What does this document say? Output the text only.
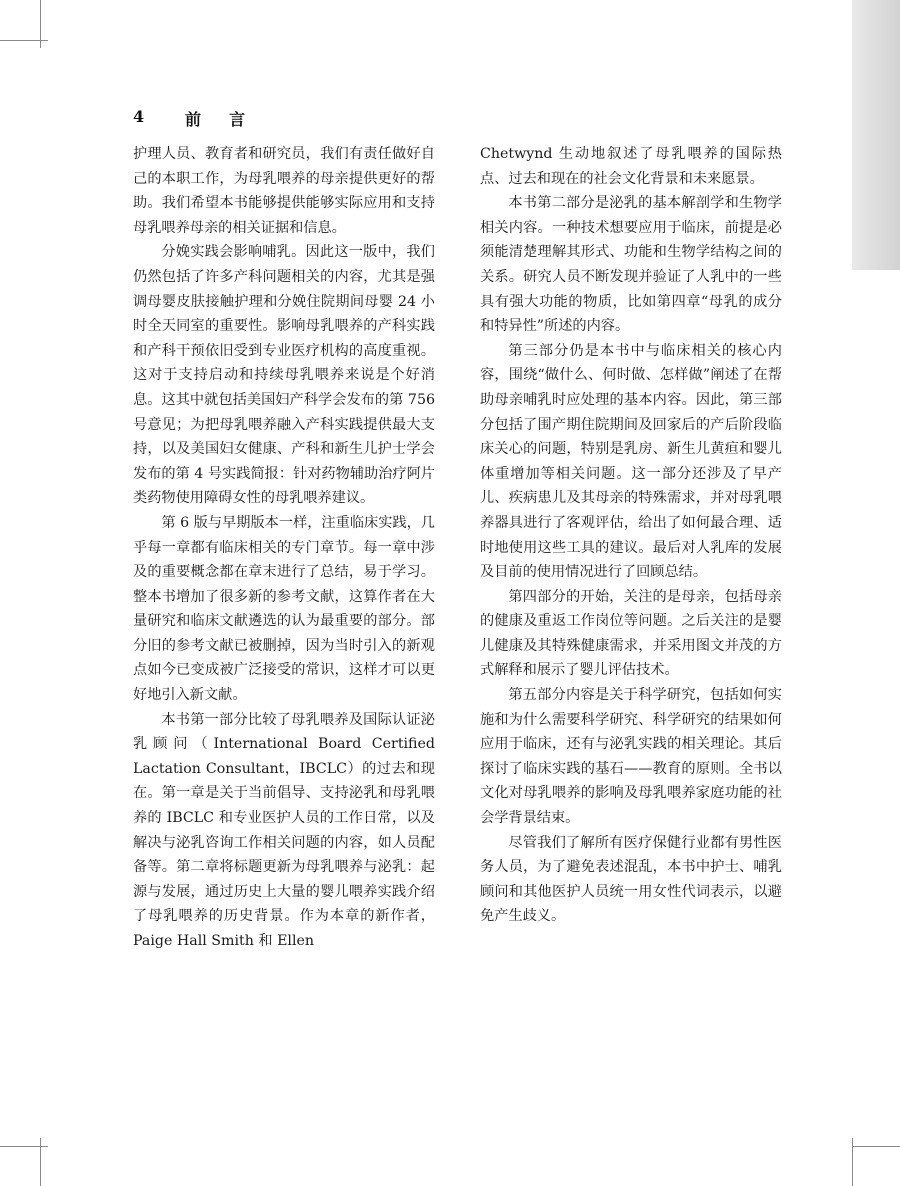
4	前言

护理人员、教育者和研究员，我们有责任做好自己的本职工作，为母乳喂养的母亲提供更好的帮助。我们希望本书能够提供能够实际应用和支持母乳喂养母亲的相关证据和信息。

分娩实践会影响哺乳。因此这一版中，我们仍然包括了许多产科问题相关的内容，尤其是强调母婴皮肤接触护理和分娩住院期间母婴 24 小时全天同室的重要性。影响母乳喂养的产科实践和产科干预依旧受到专业医疗机构的高度重视。这对于支持启动和持续母乳喂养来说是个好消息。这其中就包括美国妇产科学会发布的第 756 号意见；为把母乳喂养融入产科实践提供最大支持，以及美国妇女健康、产科和新生儿护士学会发布的第 4 号实践简报：针对药物辅助治疗阿片类药物使用障碍女性的母乳喂养建议。

第 6 版与早期版本一样，注重临床实践，几乎每一章都有临床相关的专门章节。每一章中涉及的重要概念都在章末进行了总结，易于学习。整本书增加了很多新的参考文献，这算作者在大量研究和临床文献遴选的认为最重要的部分。部分旧的参考文献已被删掉，因为当时引入的新观点如今已变成被广泛接受的常识，这样才可以更好地引入新文献。

本书第一部分比较了母乳喂养及国际认证泌乳顾问（International Board Certified Lactation Consultant，IBCLC）的过去和现在。第一章是关于当前倡导、支持泌乳和母乳喂养的 IBCLC 和专业医护人员的工作日常，以及解决与泌乳咨询工作相关问题的内容，如人员配备等。第二章将标题更新为母乳喂养与泌乳：起源与发展，通过历史上大量的婴儿喂养实践介绍了母乳喂养的历史背景。作为本章的新作者，Paige Hall Smith 和 Ellen

Chetwynd 生动地叙述了母乳喂养的国际热点、过去和现在的社会文化背景和未来愿景。

本书第二部分是泌乳的基本解剖学和生物学相关内容。一种技术想要应用于临床，前提是必须能清楚理解其形式、功能和生物学结构之间的关系。研究人员不断发现并验证了人乳中的一些具有强大功能的物质，比如第四章“母乳的成分和特异性”所述的内容。

第三部分仍是本书中与临床相关的核心内容，围绕“做什么、何时做、怎样做”阐述了在帮助母亲哺乳时应处理的基本内容。因此，第三部分包括了围产期住院期间及回家后的产后阶段临床关心的问题，特别是乳房、新生儿黄疸和婴儿体重增加等相关问题。这一部分还涉及了早产儿、疾病患儿及其母亲的特殊需求，并对母乳喂养器具进行了客观评估，给出了如何最合理、适时地使用这些工具的建议。最后对人乳库的发展及目前的使用情况进行了回顾总结。

第四部分的开始，关注的是母亲，包括母亲的健康及重返工作岗位等问题。之后关注的是婴儿健康及其特殊健康需求，并采用图文并茂的方式解释和展示了婴儿评估技术。

第五部分内容是关于科学研究，包括如何实施和为什么需要科学研究、科学研究的结果如何应用于临床，还有与泌乳实践的相关理论。其后探讨了临床实践的基石——教育的原则。全书以文化对母乳喂养的影响及母乳喂养家庭功能的社会学背景结束。

尽管我们了解所有医疗保健行业都有男性医务人员，为了避免表述混乱，本书中护士、哺乳顾问和其他医护人员统一用女性代词表示，以避免产生歧义。
